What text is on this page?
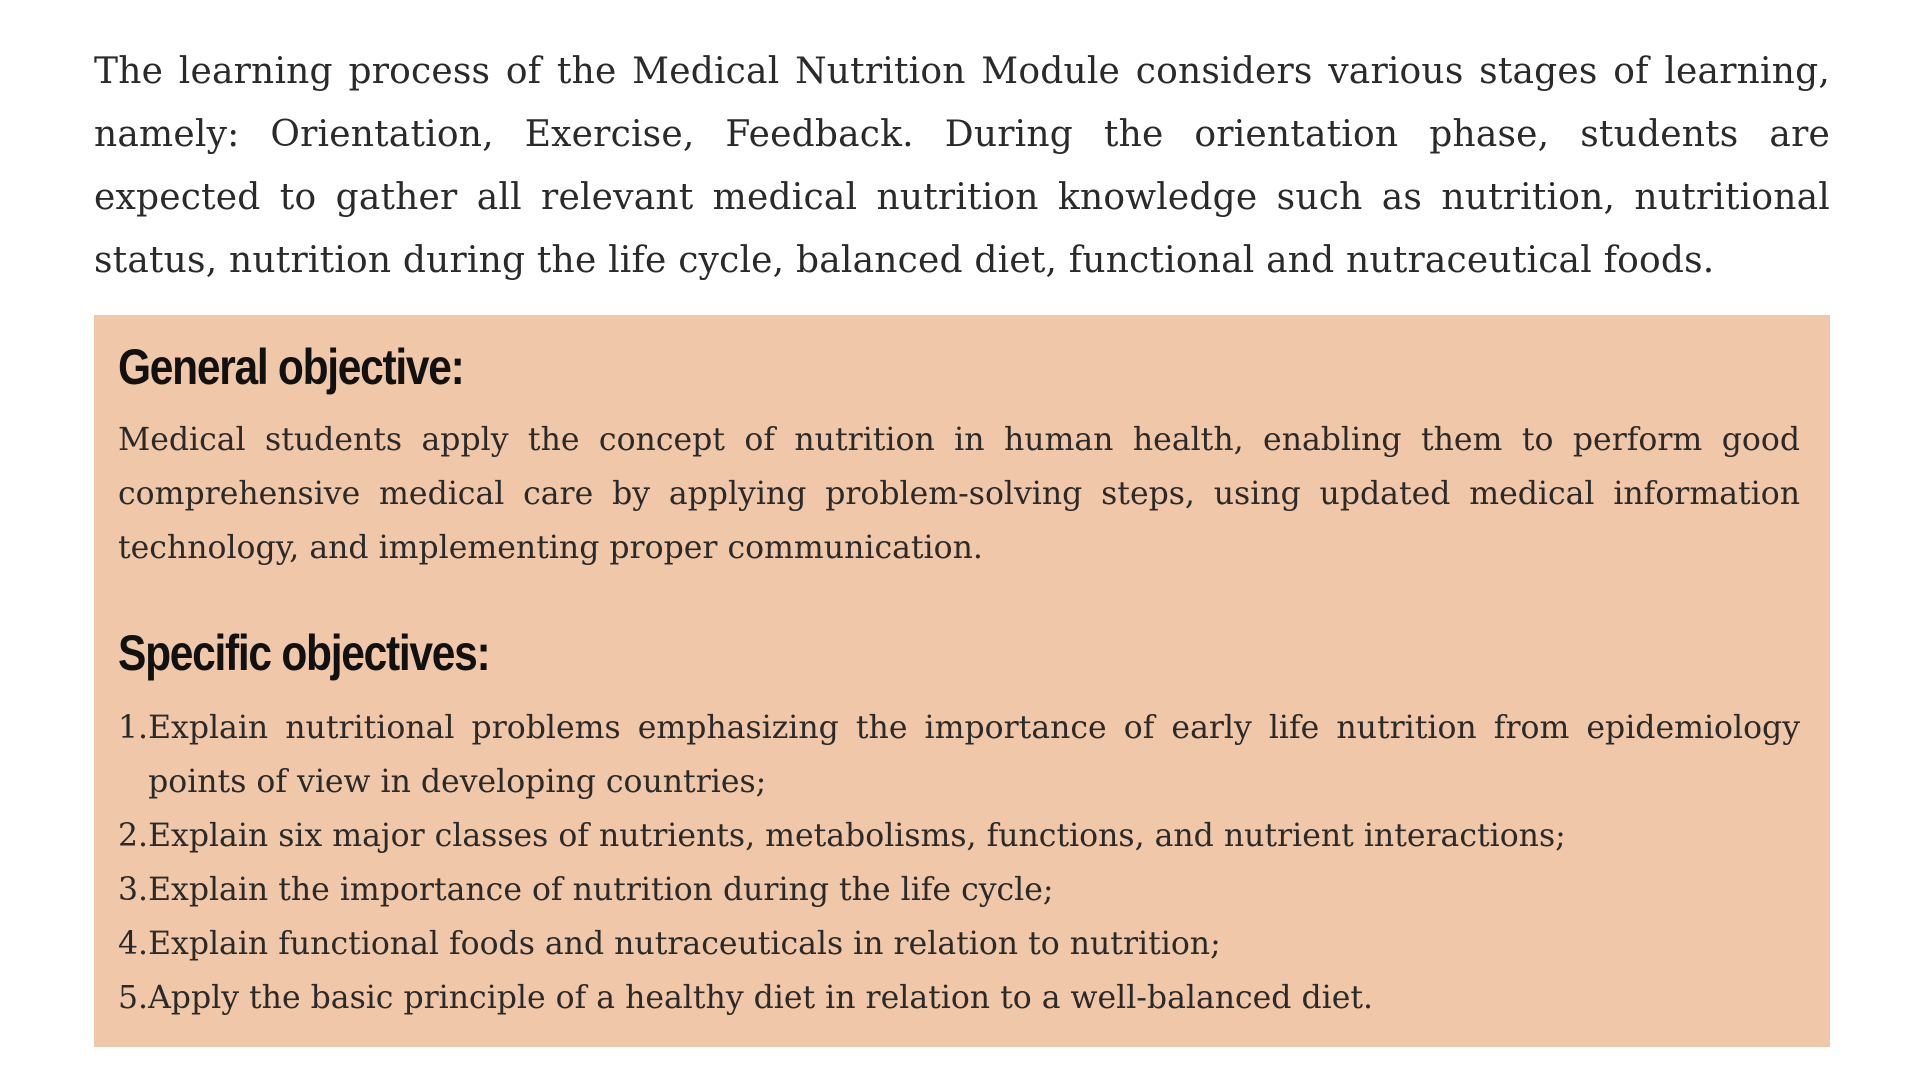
The learning process of the Medical Nutrition Module considers various stages of learning, namely: Orientation, Exercise, Feedback. During the orientation phase, students are expected to gather all relevant medical nutrition knowledge such as nutrition, nutritional status, nutrition during the life cycle, balanced diet, functional and nutraceutical foods.

General objective:

Medical students apply the concept of nutrition in human health, enabling them to perform good comprehensive medical care by applying problem-solving steps, using updated medical information technology, and implementing proper communication.

Specific objectives:
1. Explain nutritional problems emphasizing the importance of early life nutrition from epidemiology points of view in developing countries;
2. Explain six major classes of nutrients, metabolisms, functions, and nutrient interactions;
3. Explain the importance of nutrition during the life cycle;
4. Explain functional foods and nutraceuticals in relation to nutrition;
5. Apply the basic principle of a healthy diet in relation to a well-balanced diet.
